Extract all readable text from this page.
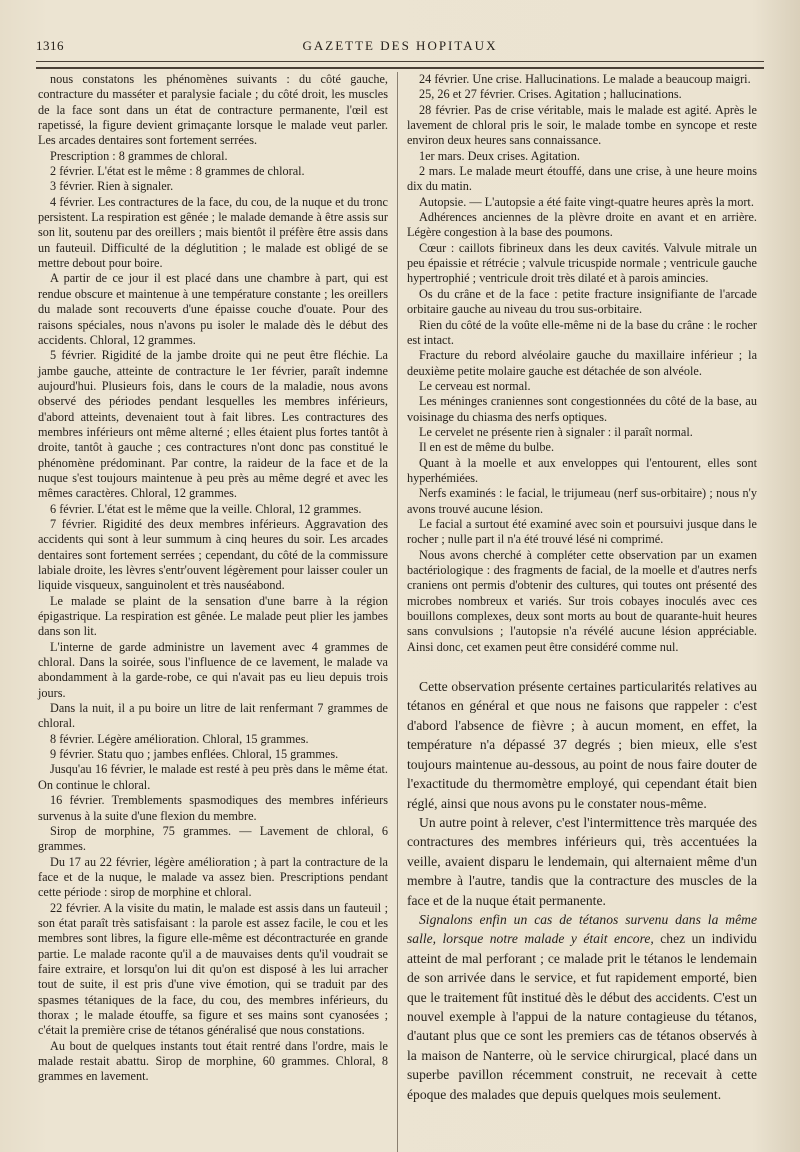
1316	GAZETTE DES HOPITAUX

nous constatons les phénomènes suivants : du côté gauche, contracture du masséter et paralysie faciale ; du côté droit, les muscles de la face sont dans un état de contracture permanente, l'œil est rapetissé, la figure devient grimaçante lorsque le malade veut parler. Les arcades dentaires sont fortement serrées.

Prescription : 8 grammes de chloral.

2 février. L'état est le même : 8 grammes de chloral.

3 février. Rien à signaler.

4 février. Les contractures de la face, du cou, de la nuque et du tronc persistent. La respiration est gênée ; le malade demande à être assis sur son lit, soutenu par des oreillers ; mais bientôt il préfère être assis dans un fauteuil. Difficulté de la déglutition ; le malade est obligé de se mettre debout pour boire.

A partir de ce jour il est placé dans une chambre à part, qui est rendue obscure et maintenue à une température constante ; les oreillers du malade sont recouverts d'une épaisse couche d'ouate. Pour des raisons spéciales, nous n'avons pu isoler le malade dès le début des accidents. Chloral, 12 grammes.

5 février. Rigidité de la jambe droite qui ne peut être fléchie. La jambe gauche, atteinte de contracture le 1er février, paraît indemne aujourd'hui. Plusieurs fois, dans le cours de la maladie, nous avons observé des périodes pendant lesquelles les membres inférieurs, d'abord atteints, devenaient tout à fait libres. Les contractures des membres inférieurs ont même alterné ; elles étaient plus fortes tantôt à droite, tantôt à gauche ; ces contractures n'ont donc pas constitué le phénomène prédominant. Par contre, la raideur de la face et de la nuque s'est toujours maintenue à peu près au même degré et avec les mêmes caractères. Chloral, 12 grammes.

6 février. L'état est le même que la veille. Chloral, 12 grammes.

7 février. Rigidité des deux membres inférieurs. Aggravation des accidents qui sont à leur summum à cinq heures du soir. Les arcades dentaires sont fortement serrées ; cependant, du côté de la commissure labiale droite, les lèvres s'entr'ouvent légèrement pour laisser couler un liquide visqueux, sanguinolent et très nauséabond.

Le malade se plaint de la sensation d'une barre à la région épigastrique. La respiration est gênée. Le malade peut plier les jambes dans son lit.

L'interne de garde administre un lavement avec 4 grammes de chloral. Dans la soirée, sous l'influence de ce lavement, le malade va abondamment à la garde-robe, ce qui n'avait pas eu lieu depuis trois jours.

Dans la nuit, il a pu boire un litre de lait renfermant 7 grammes de chloral.

8 février. Légère amélioration. Chloral, 15 grammes.

9 février. Statu quo ; jambes enflées. Chloral, 15 grammes.

Jusqu'au 16 février, le malade est resté à peu près dans le même état. On continue le chloral.

16 février. Tremblements spasmodiques des membres inférieurs survenus à la suite d'une flexion du membre.

Sirop de morphine, 75 grammes. — Lavement de chloral, 6 grammes.

Du 17 au 22 février, légère amélioration ; à part la contracture de la face et de la nuque, le malade va assez bien. Prescriptions pendant cette période : sirop de morphine et chloral.

22 février. A la visite du matin, le malade est assis dans un fauteuil ; son état paraît très satisfaisant : la parole est assez facile, le cou et les membres sont libres, la figure elle-même est décontracturée en grande partie. Le malade raconte qu'il a de mauvaises dents qu'il voudrait se faire extraire, et lorsqu'on lui dit qu'on est disposé à les lui arracher tout de suite, il est pris d'une vive émotion, qui se traduit par des spasmes tétaniques de la face, du cou, des membres inférieurs, du thorax ; le malade étouffe, sa figure et ses mains sont cyanosées ; c'était la première crise de tétanos généralisé que nous constations.

Au bout de quelques instants tout était rentré dans l'ordre, mais le malade restait abattu. Sirop de morphine, 60 grammes. Chloral, 8 grammes en lavement.

24 février. Une crise. Hallucinations. Le malade a beaucoup maigri.

25, 26 et 27 février. Crises. Agitation ; hallucinations.

28 février. Pas de crise véritable, mais le malade est agité. Après le lavement de chloral pris le soir, le malade tombe en syncope et reste environ deux heures sans connaissance.

1er mars. Deux crises. Agitation.

2 mars. Le malade meurt étouffé, dans une crise, à une heure moins dix du matin.

Autopsie. — L'autopsie a été faite vingt-quatre heures après la mort.

Adhérences anciennes de la plèvre droite en avant et en arrière. Légère congestion à la base des poumons.

Cœur : caillots fibrineux dans les deux cavités. Valvule mitrale un peu épaissie et rétrécie ; valvule tricuspide normale ; ventricule gauche hypertrophié ; ventricule droit très dilaté et à parois amincies.

Os du crâne et de la face : petite fracture insignifiante de l'arcade orbitaire gauche au niveau du trou sus-orbitaire.

Rien du côté de la voûte elle-même ni de la base du crâne : le rocher est intact.

Fracture du rebord alvéolaire gauche du maxillaire inférieur ; la deuxième petite molaire gauche est détachée de son alvéole.

Le cerveau est normal.

Les méninges craniennes sont congestionnées du côté de la base, au voisinage du chiasma des nerfs optiques.

Le cervelet ne présente rien à signaler : il paraît normal.

Il en est de même du bulbe.

Quant à la moelle et aux enveloppes qui l'entourent, elles sont hyperhémiées.

Nerfs examinés : le facial, le trijumeau (nerf sus-orbitaire) ; nous n'y avons trouvé aucune lésion.

Le facial a surtout été examiné avec soin et poursuivi jusque dans le rocher ; nulle part il n'a été trouvé lésé ni comprimé.

Nous avons cherché à compléter cette observation par un examen bactériologique : des fragments de facial, de la moelle et d'autres nerfs craniens ont permis d'obtenir des cultures, qui toutes ont présenté des microbes nombreux et variés. Sur trois cobayes inoculés avec ces bouillons complexes, deux sont morts au bout de quarante-huit heures sans convulsions ; l'autopsie n'a révélé aucune lésion appréciable. Ainsi donc, cet examen peut être considéré comme nul.

Cette observation présente certaines particularités relatives au tétanos en général et que nous ne faisons que rappeler : c'est d'abord l'absence de fièvre ; à aucun moment, en effet, la température n'a dépassé 37 degrés ; bien mieux, elle s'est toujours maintenue au-dessous, au point de nous faire douter de l'exactitude du thermomètre employé, qui cependant était bien réglé, ainsi que nous avons pu le constater nous-même.

Un autre point à relever, c'est l'intermittence très marquée des contractures des membres inférieurs qui, très accentuées la veille, avaient disparu le lendemain, qui alternaient même d'un membre à l'autre, tandis que la contracture des muscles de la face et de la nuque était permanente.

Signalons enfin un cas de tétanos survenu dans la même salle, lorsque notre malade y était encore, chez un individu atteint de mal perforant ; ce malade prit le tétanos le lendemain de son arrivée dans le service, et fut rapidement emporté, bien que le traitement fût institué dès le début des accidents. C'est un nouvel exemple à l'appui de la nature contagieuse du tétanos, d'autant plus que ce sont les premiers cas de tétanos observés à la maison de Nanterre, où le service chirurgical, placé dans un superbe pavillon récemment construit, ne recevait à cette époque des malades que depuis quelques mois seulement.
